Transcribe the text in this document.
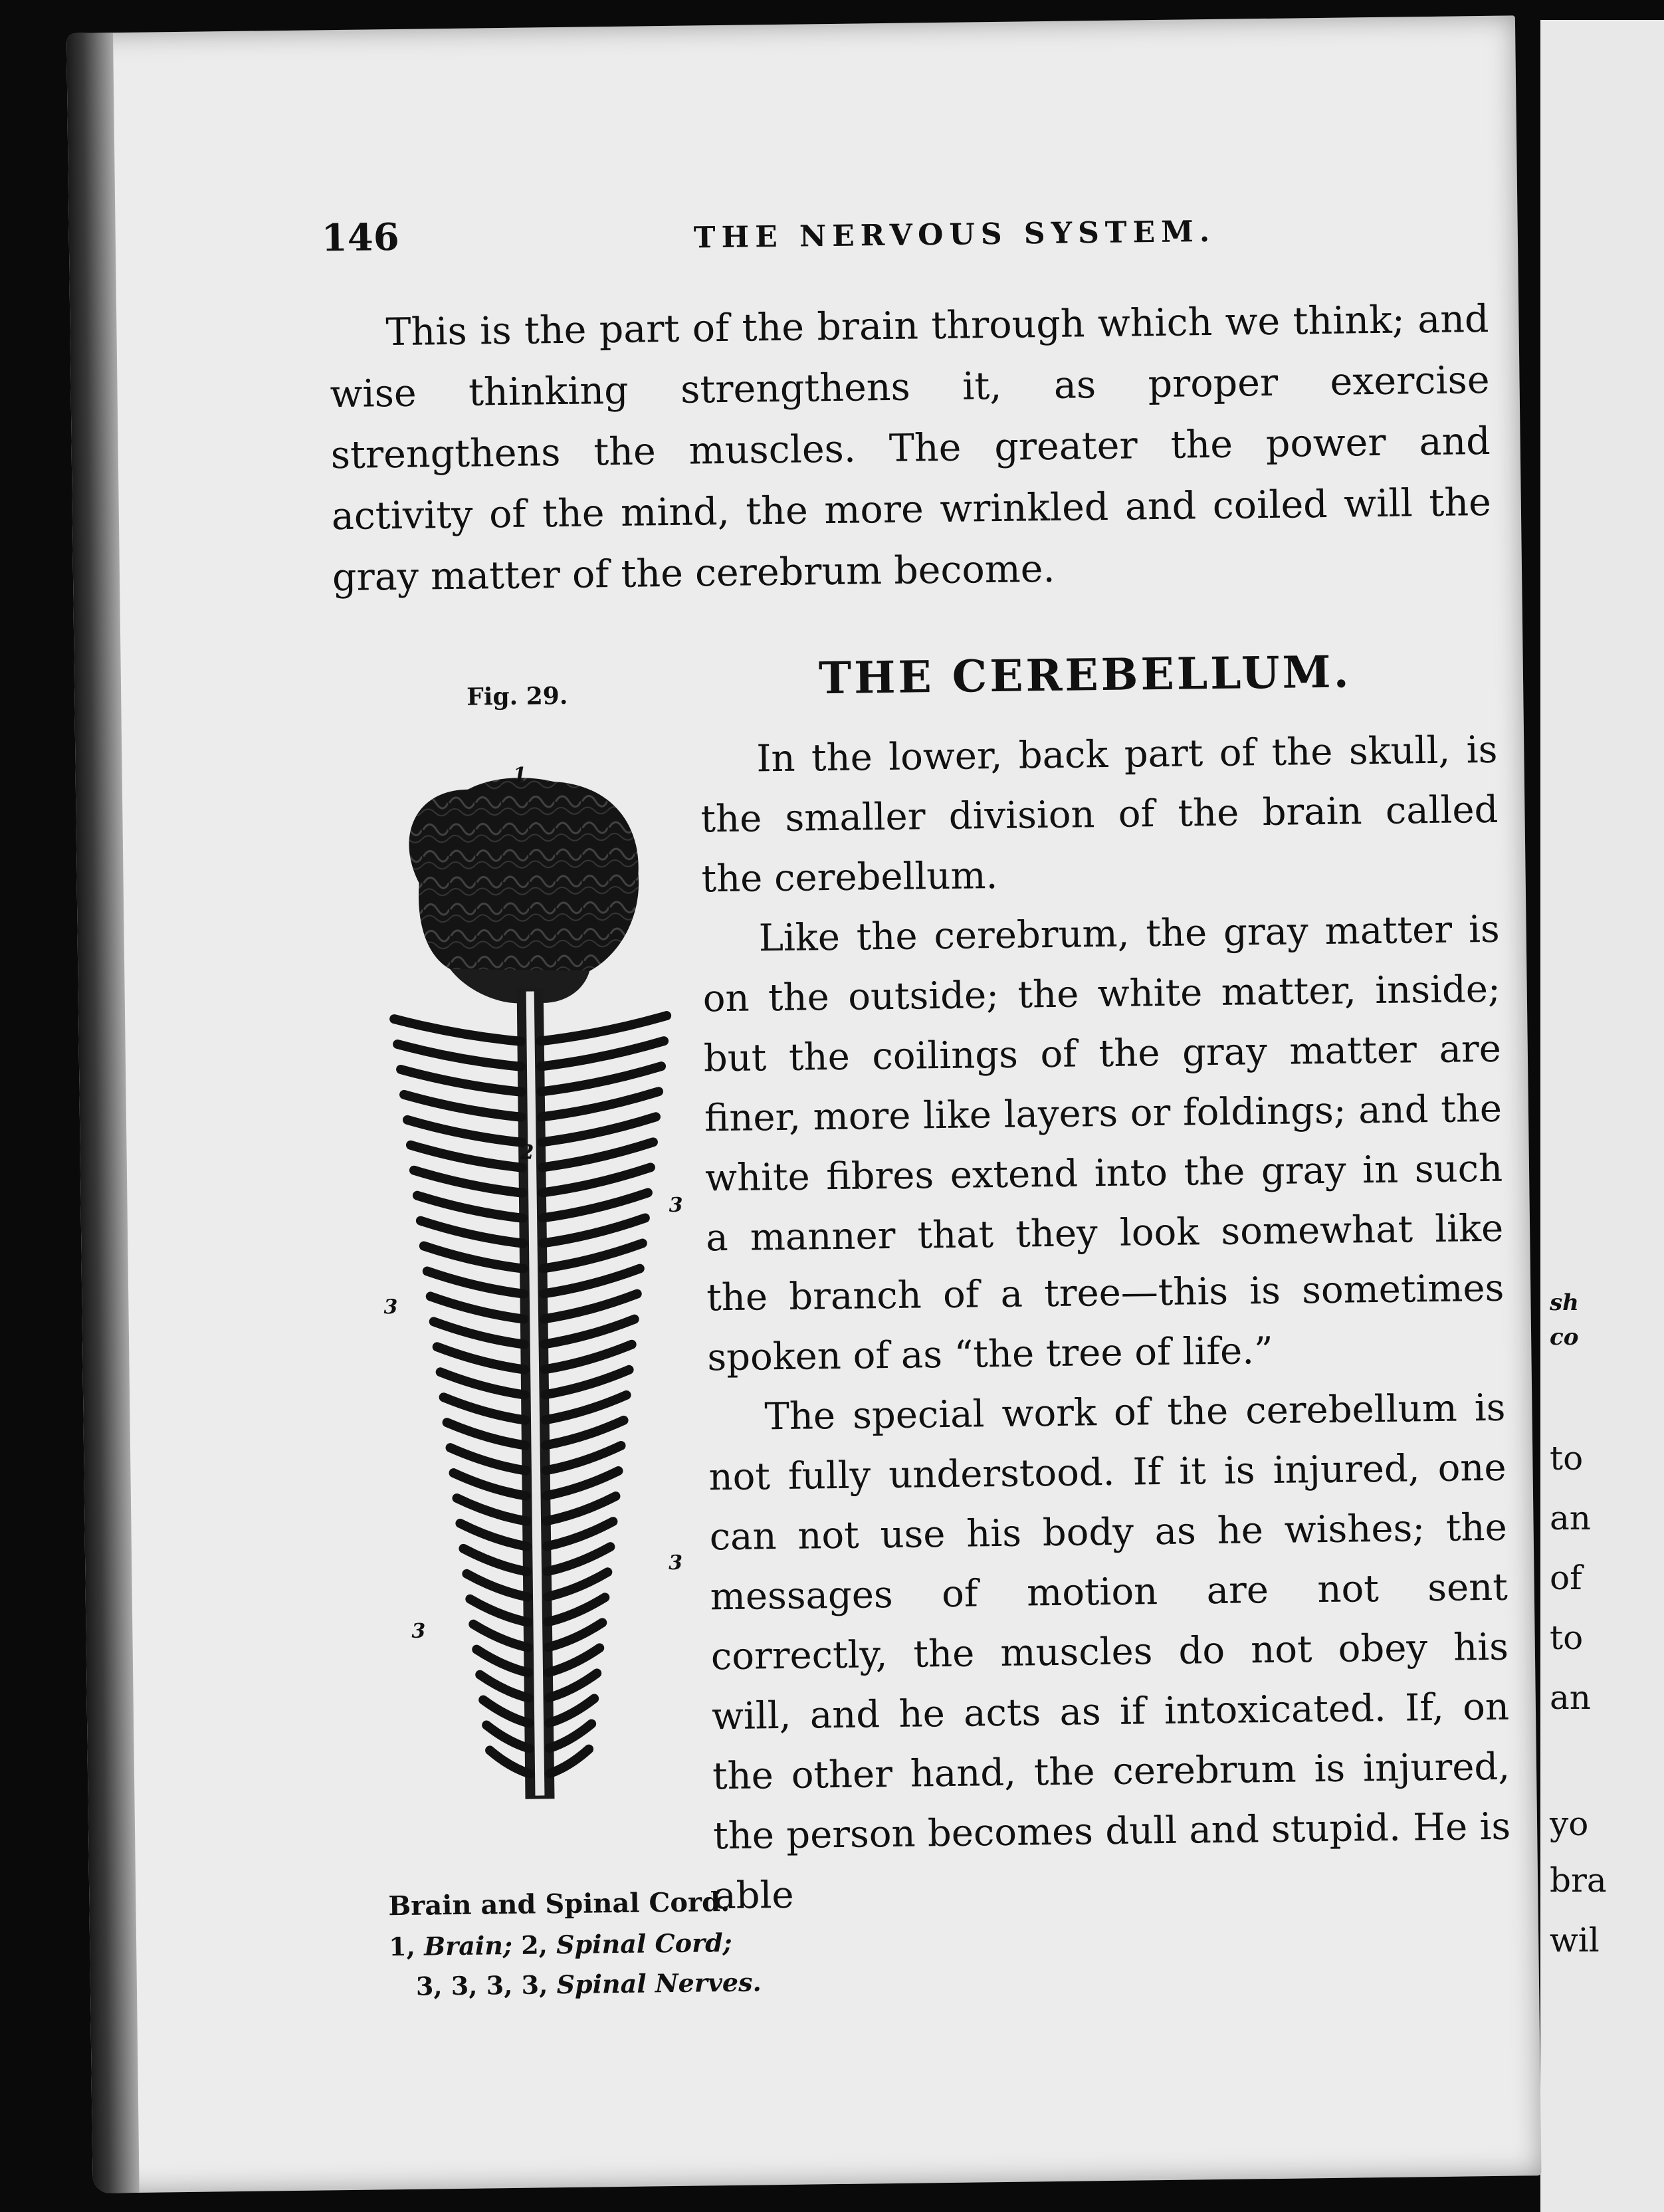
sh
co
to
an
of
to
an
yo
bra
wil
146	THE NERVOUS SYSTEM.
This is the part of the brain through which we think; and wise thinking strengthens it, as proper exercise strengthens the muscles. The greater the power and activity of the mind, the more wrinkled and coiled will the gray matter of the cerebrum become.
Fig. 29.	THE CEREBELLUM.
1
2
3
3
3
3
Brain and Spinal Cord.
1, Brain; 2, Spinal Cord;
3, 3, 3, 3, Spinal Nerves.

In the lower, back part of the skull, is the smaller division of the brain called the cerebellum.

Like the cerebrum, the gray matter is on the outside; the white matter, inside; but the coilings of the gray matter are finer, more like layers or foldings; and the white fibres extend into the gray in such a manner that they look somewhat like the branch of a tree—this is sometimes spoken of as “the tree of life.”

The special work of the cerebellum is not fully understood. If it is injured, one can not use his body as he wishes; the messages of motion are not sent correctly, the muscles do not obey his will, and he acts as if intoxicated. If, on the other hand, the cerebrum is injured, the person becomes dull and stupid. He is able
